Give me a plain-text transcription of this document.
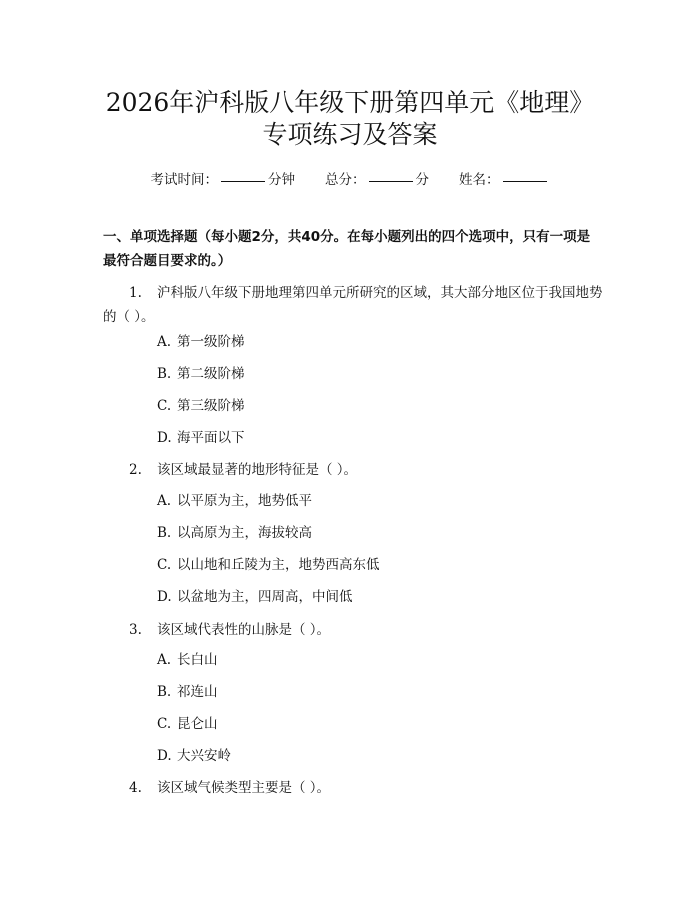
2026年沪科版八年级下册第四单元《地理》
专项练习及答案
考试时间：	分钟 总分：	分 姓名：
一、单项选择题（每小题2分，共40分。在每小题列出的四个选项中，只有一项是最符合题目要求的。）
1. 沪科版八年级下册地理第四单元所研究的区域，其大部分地区位于我国地势的（ ）。
A. 第一级阶梯
B. 第二级阶梯
C. 第三级阶梯
D. 海平面以下
2. 该区域最显著的地形特征是（ ）。
A. 以平原为主，地势低平
B. 以高原为主，海拔较高
C. 以山地和丘陵为主，地势西高东低
D. 以盆地为主，四周高，中间低
3. 该区域代表性的山脉是（ ）。
A. 长白山
B. 祁连山
C. 昆仑山
D. 大兴安岭
4. 该区域气候类型主要是（ ）。
